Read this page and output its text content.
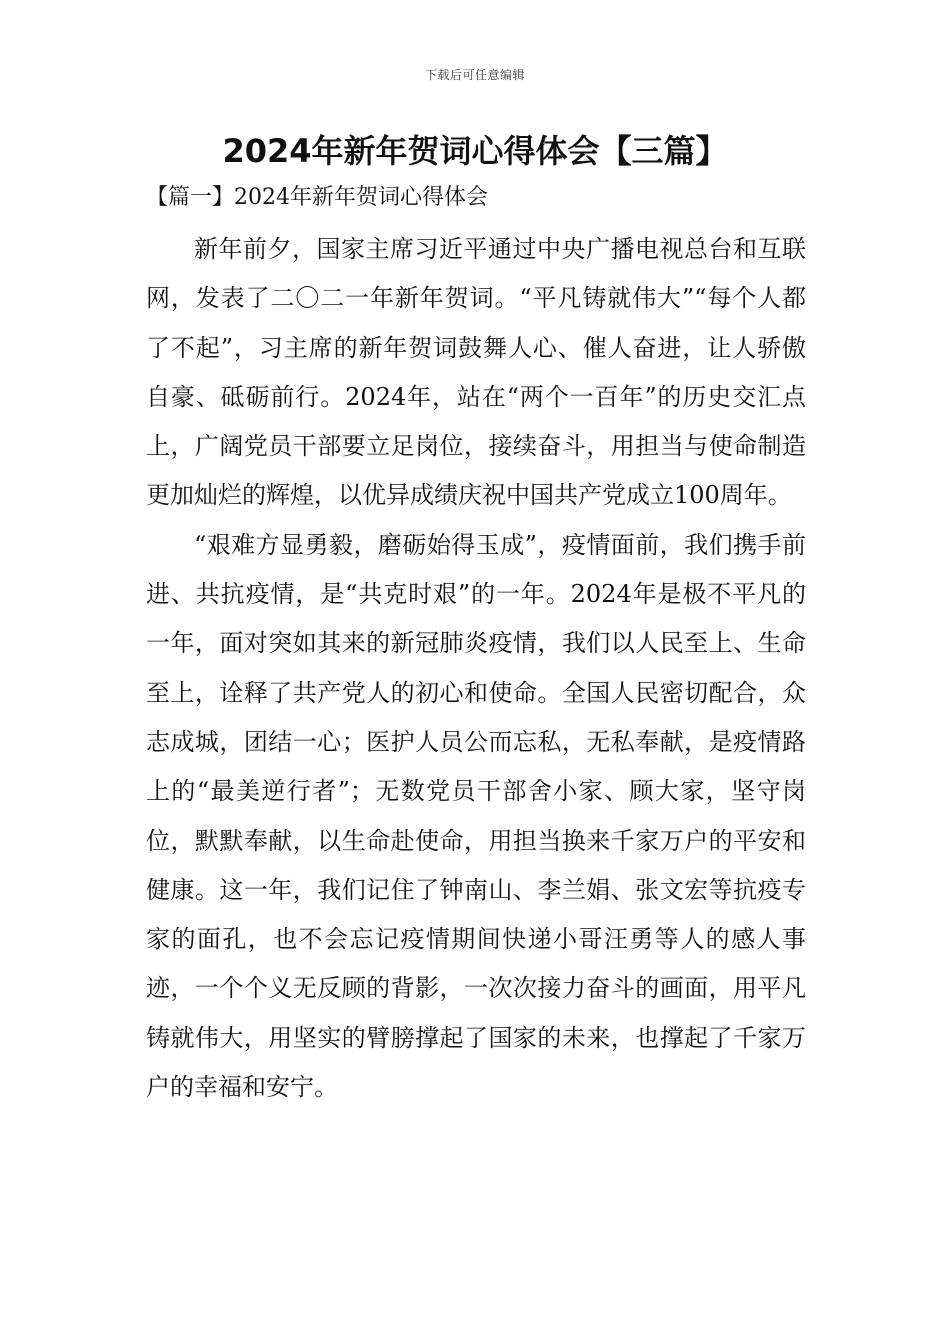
下载后可任意编辑
2024年新年贺词心得体会【三篇】
【篇一】2024年新年贺词心得体会

新年前夕，国家主席习近平通过中央广播电视总台和互联网，发表了二〇二一年新年贺词。“平凡铸就伟大”“每个人都了不起”，习主席的新年贺词鼓舞人心、催人奋进，让人骄傲自豪、砥砺前行。2024年，站在“两个一百年”的历史交汇点上，广阔党员干部要立足岗位，接续奋斗，用担当与使命制造更加灿烂的辉煌，以优异成绩庆祝中国共产党成立100周年。

“艰难方显勇毅，磨砺始得玉成”，疫情面前，我们携手前进、共抗疫情，是“共克时艰”的一年。2024年是极不平凡的一年，面对突如其来的新冠肺炎疫情，我们以人民至上、生命至上，诠释了共产党人的初心和使命。全国人民密切配合，众志成城，团结一心；医护人员公而忘私，无私奉献，是疫情路上的“最美逆行者”；无数党员干部舍小家、顾大家，坚守岗位，默默奉献，以生命赴使命，用担当换来千家万户的平安和健康。这一年，我们记住了钟南山、李兰娟、张文宏等抗疫专家的面孔，也不会忘记疫情期间快递小哥汪勇等人的感人事迹，一个个义无反顾的背影，一次次接力奋斗的画面，用平凡铸就伟大，用坚实的臂膀撑起了国家的未来，也撑起了千家万户的幸福和安宁。
